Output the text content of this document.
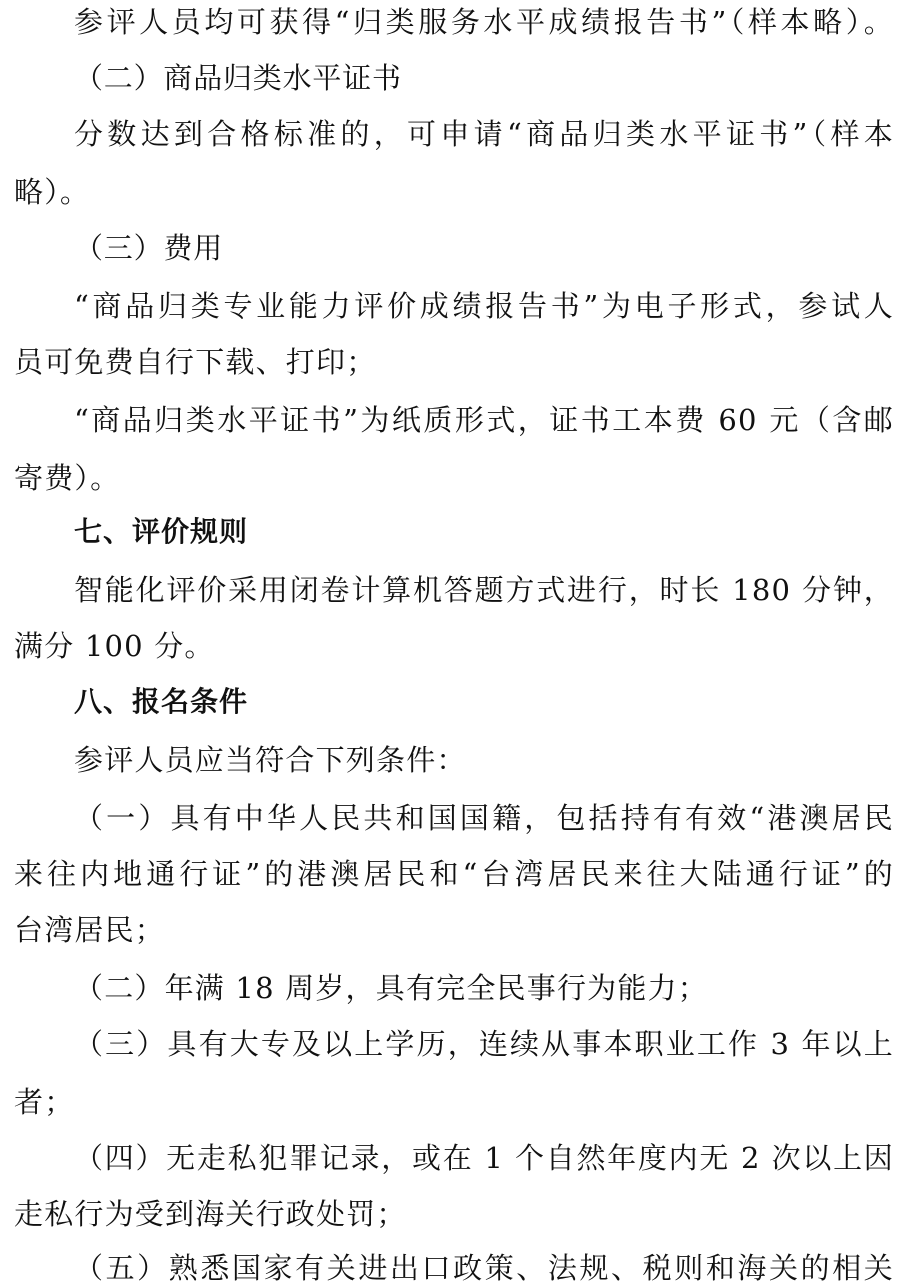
参评人员均可获得“归类服务水平成绩报告书”（样本略）。
（二）商品归类水平证书
分数达到合格标准的，可申请“商品归类水平证书”（样本
略）。
（三）费用
“商品归类专业能力评价成绩报告书”为电子形式，参试人
员可免费自行下载、打印；
“商品归类水平证书”为纸质形式，证书工本费 60 元（含邮
寄费）。
七、评价规则
智能化评价采用闭卷计算机答题方式进行，时长 180 分钟，
满分 100 分。
八、报名条件
参评人员应当符合下列条件：
（一）具有中华人民共和国国籍，包括持有有效“港澳居民
来往内地通行证”的港澳居民和“台湾居民来往大陆通行证”的
台湾居民；
（二）年满 18 周岁，具有完全民事行为能力；
（三）具有大专及以上学历，连续从事本职业工作 3 年以上
者；
（四）无走私犯罪记录，或在 1 个自然年度内无 2 次以上因
走私行为受到海关行政处罚；
（五）熟悉国家有关进出口政策、法规、税则和海关的相关
